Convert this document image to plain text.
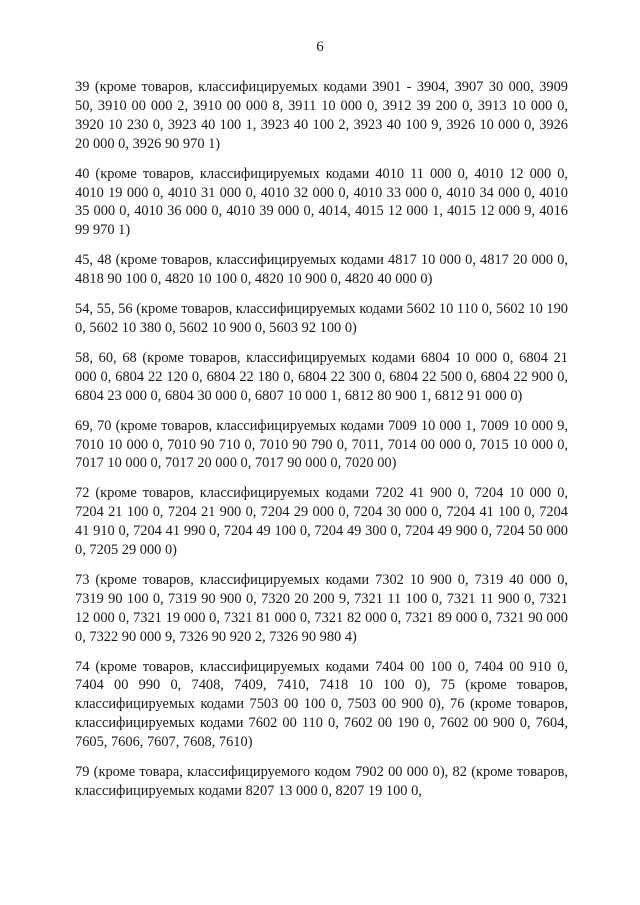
6

39 (кроме товаров, классифицируемых кодами 3901 - 3904, 3907 30 000, 3909 50, 3910 00 000 2, 3910 00 000 8, 3911 10 000 0, 3912 39 200 0, 3913 10 000 0, 3920 10 230 0, 3923 40 100 1, 3923 40 100 2, 3923 40 100 9, 3926 10 000 0, 3926 20 000 0, 3926 90 970 1)

40 (кроме товаров, классифицируемых кодами 4010 11 000 0, 4010 12 000 0, 4010 19 000 0, 4010 31 000 0, 4010 32 000 0, 4010 33 000 0, 4010 34 000 0, 4010 35 000 0, 4010 36 000 0, 4010 39 000 0, 4014, 4015 12 000 1, 4015 12 000 9, 4016 99 970 1)

45, 48 (кроме товаров, классифицируемых кодами 4817 10 000 0, 4817 20 000 0, 4818 90 100 0, 4820 10 100 0, 4820 10 900 0, 4820 40 000 0)

54, 55, 56 (кроме товаров, классифицируемых кодами 5602 10 110 0, 5602 10 190 0, 5602 10 380 0, 5602 10 900 0, 5603 92 100 0)

58, 60, 68 (кроме товаров, классифицируемых кодами 6804 10 000 0, 6804 21 000 0, 6804 22 120 0, 6804 22 180 0, 6804 22 300 0, 6804 22 500 0, 6804 22 900 0, 6804 23 000 0, 6804 30 000 0, 6807 10 000 1, 6812 80 900 1, 6812 91 000 0)

69, 70 (кроме товаров, классифицируемых кодами 7009 10 000 1, 7009 10 000 9, 7010 10 000 0, 7010 90 710 0, 7010 90 790 0, 7011, 7014 00 000 0, 7015 10 000 0, 7017 10 000 0, 7017 20 000 0, 7017 90 000 0, 7020 00)

72 (кроме товаров, классифицируемых кодами 7202 41 900 0, 7204 10 000 0, 7204 21 100 0, 7204 21 900 0, 7204 29 000 0, 7204 30 000 0, 7204 41 100 0, 7204 41 910 0, 7204 41 990 0, 7204 49 100 0, 7204 49 300 0, 7204 49 900 0, 7204 50 000 0, 7205 29 000 0)

73 (кроме товаров, классифицируемых кодами 7302 10 900 0, 7319 40 000 0, 7319 90 100 0, 7319 90 900 0, 7320 20 200 9, 7321 11 100 0, 7321 11 900 0, 7321 12 000 0, 7321 19 000 0, 7321 81 000 0, 7321 82 000 0, 7321 89 000 0, 7321 90 000 0, 7322 90 000 9, 7326 90 920 2, 7326 90 980 4)

74 (кроме товаров, классифицируемых кодами 7404 00 100 0, 7404 00 910 0, 7404 00 990 0, 7408, 7409, 7410, 7418 10 100 0), 75 (кроме товаров, классифицируемых кодами 7503 00 100 0, 7503 00 900 0), 76 (кроме товаров, классифицируемых кодами 7602 00 110 0, 7602 00 190 0, 7602 00 900 0, 7604, 7605, 7606, 7607, 7608, 7610)

79 (кроме товара, классифицируемого кодом 7902 00 000 0), 82 (кроме товаров, классифицируемых кодами 8207 13 000 0, 8207 19 100 0,
